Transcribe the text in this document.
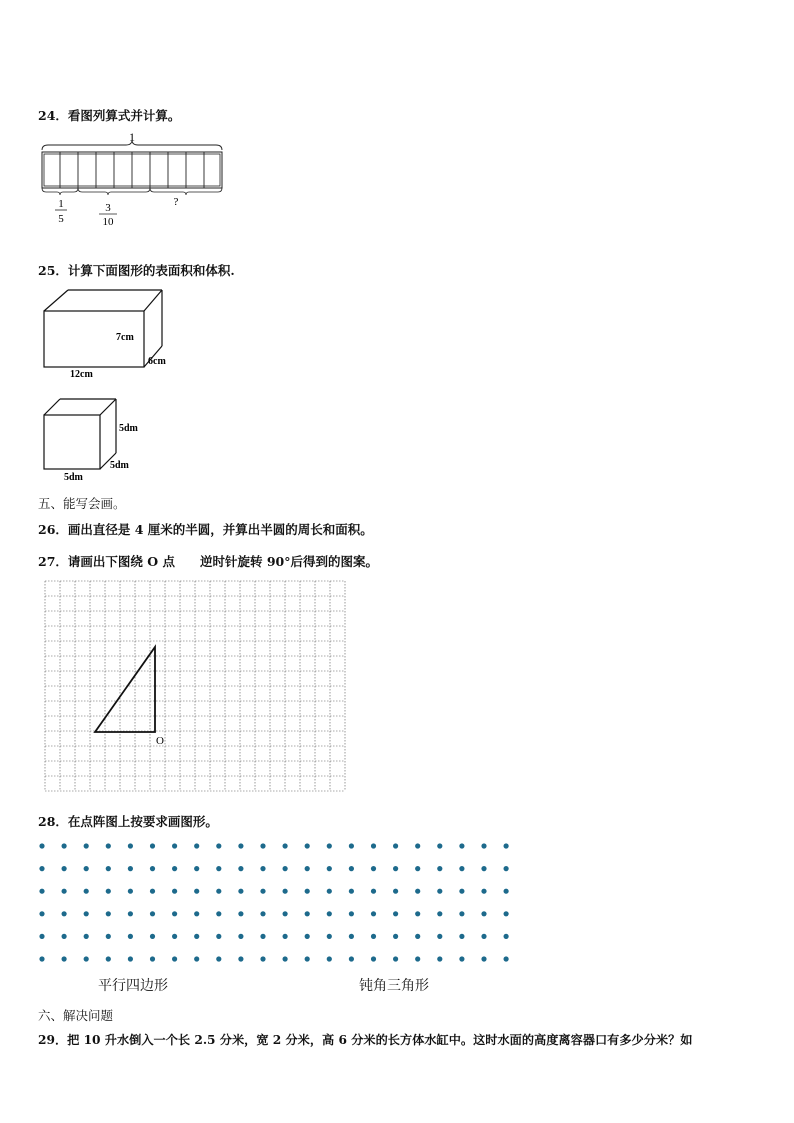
24．看图列算式并计算。
1
1
5
3
10
?
25．计算下面图形的表面积和体积.
7cm
6cm
12cm
5dm
5dm
5dm
五、能写会画。
26．画出直径是 4 厘米的半圆，并算出半圆的周长和面积。
27．请画出下图绕 O 点　　逆时针旋转 90°后得到的图案。
O
28．在点阵图上按要求画图形。
平行四边形	钝角三角形
六、解决问题
29．把 10 升水倒入一个长 2.5 分米，宽 2 分米，高 6 分米的长方体水缸中。这时水面的高度离容器口有多少分米？如
